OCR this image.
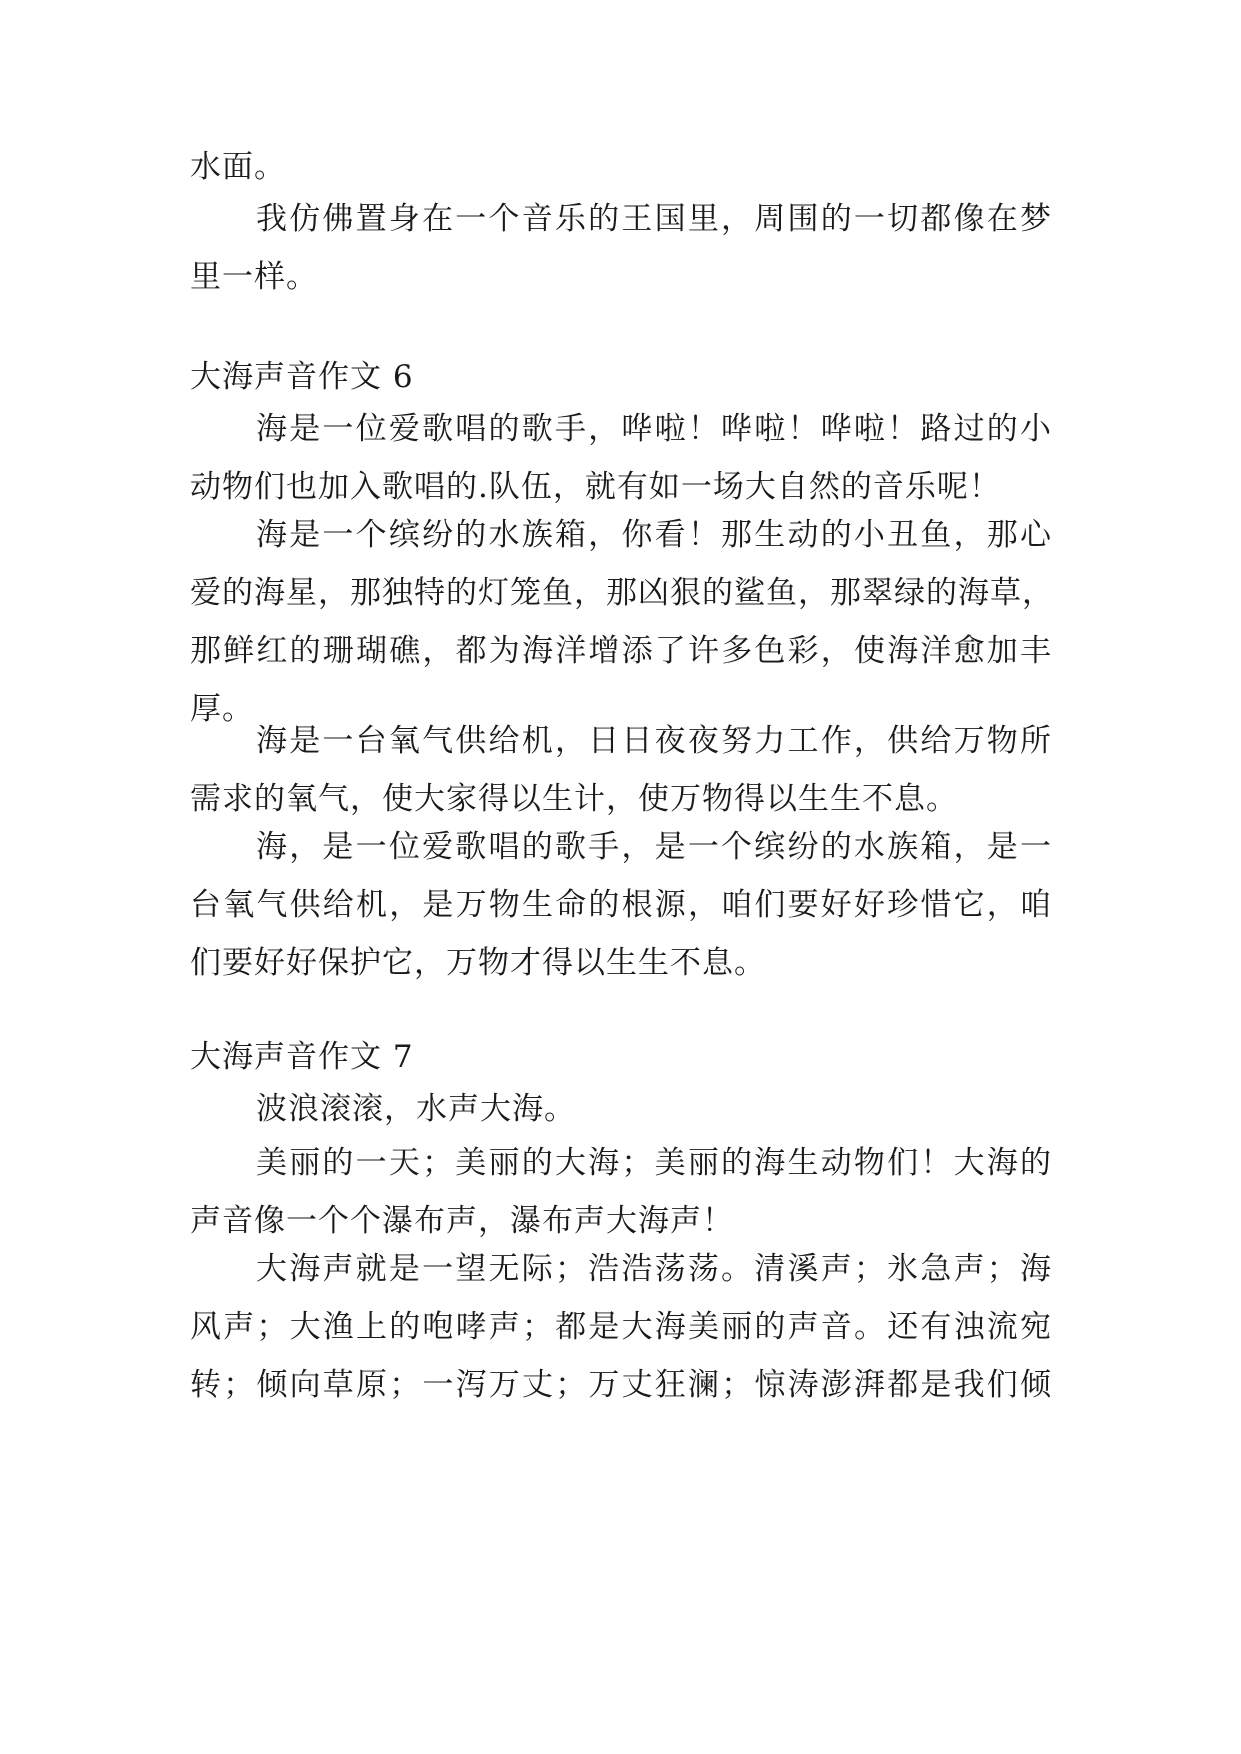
水面。
我仿佛置身在一个音乐的王国里，周围的一切都像在梦
里一样。
大海声音作文 6
海是一位爱歌唱的歌手，哗啦！哗啦！哗啦！路过的小
动物们也加入歌唱的.队伍，就有如一场大自然的音乐呢！
海是一个缤纷的水族箱，你看！那生动的小丑鱼，那心
爱的海星，那独特的灯笼鱼，那凶狠的鲨鱼，那翠绿的海草，
那鲜红的珊瑚礁，都为海洋增添了许多色彩，使海洋愈加丰
厚。
海是一台氧气供给机，日日夜夜努力工作，供给万物所
需求的氧气，使大家得以生计，使万物得以生生不息。
海，是一位爱歌唱的歌手，是一个缤纷的水族箱，是一
台氧气供给机，是万物生命的根源，咱们要好好珍惜它，咱
们要好好保护它，万物才得以生生不息。
大海声音作文 7
波浪滚滚，水声大海。
美丽的一天；美丽的大海；美丽的海生动物们！大海的
声音像一个个瀑布声，瀑布声大海声！
大海声就是一望无际；浩浩荡荡。清溪声；氷急声；海
风声；大渔上的咆哮声；都是大海美丽的声音。还有浊流宛
转；倾向草原；一泻万丈；万丈狂澜；惊涛澎湃都是我们倾
